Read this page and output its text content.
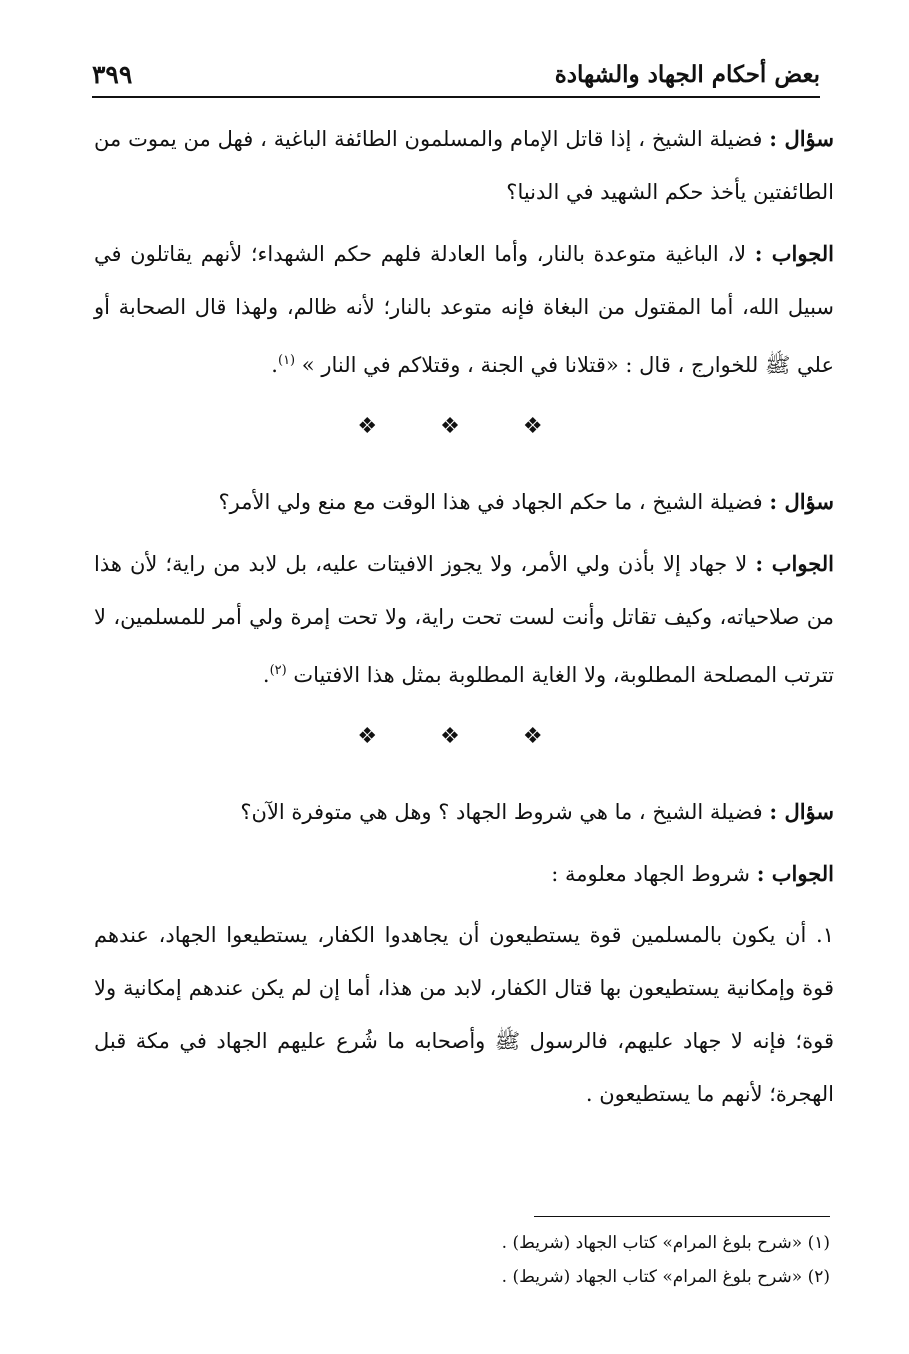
بعض أحكام الجهاد والشهادة
٣٩٩

سؤال : فضيلة الشيخ ، إذا قاتل الإمام والمسلمون الطائفة الباغية ، فهل من يموت من الطائفتين يأخذ حكم الشهيد في الدنيا؟

الجواب : لا، الباغية متوعدة بالنار، وأما العادلة فلهم حكم الشهداء؛ لأنهم يقاتلون في سبيل الله، أما المقتول من البغاة فإنه متوعد بالنار؛ لأنه ظالم، ولهذا قال الصحابة أو علي ﷺ للخوارج ، قال : «قتلانا في الجنة ، وقتلاكم في النار » $^{(١)}$.

❖ ❖ ❖

سؤال : فضيلة الشيخ ، ما حكم الجهاد في هذا الوقت مع منع ولي الأمر؟

الجواب : لا جهاد إلا بأذن ولي الأمر، ولا يجوز الافيتات عليه، بل لابد من راية؛ لأن هذا من صلاحياته، وكيف تقاتل وأنت لست تحت راية، ولا تحت إمرة ولي أمر للمسلمين، لا تترتب المصلحة المطلوبة، ولا الغاية المطلوبة بمثل هذا الافتيات $^{(٢)}$.

❖ ❖ ❖

سؤال : فضيلة الشيخ ، ما هي شروط الجهاد ؟ وهل هي متوفرة الآن؟

الجواب : شروط الجهاد معلومة :

١. أن يكون بالمسلمين قوة يستطيعون أن يجاهدوا الكفار، يستطيعوا الجهاد، عندهم قوة وإمكانية يستطيعون بها قتال الكفار، لابد من هذا، أما إن لم يكن عندهم إمكانية ولا قوة؛ فإنه لا جهاد عليهم، فالرسول ﷺ وأصحابه ما شُرع عليهم الجهاد في مكة قبل الهجرة؛ لأنهم ما يستطيعون .

(١) «شرح بلوغ المرام» كتاب الجهاد (شريط) .

(٢) «شرح بلوغ المرام» كتاب الجهاد (شريط) .
